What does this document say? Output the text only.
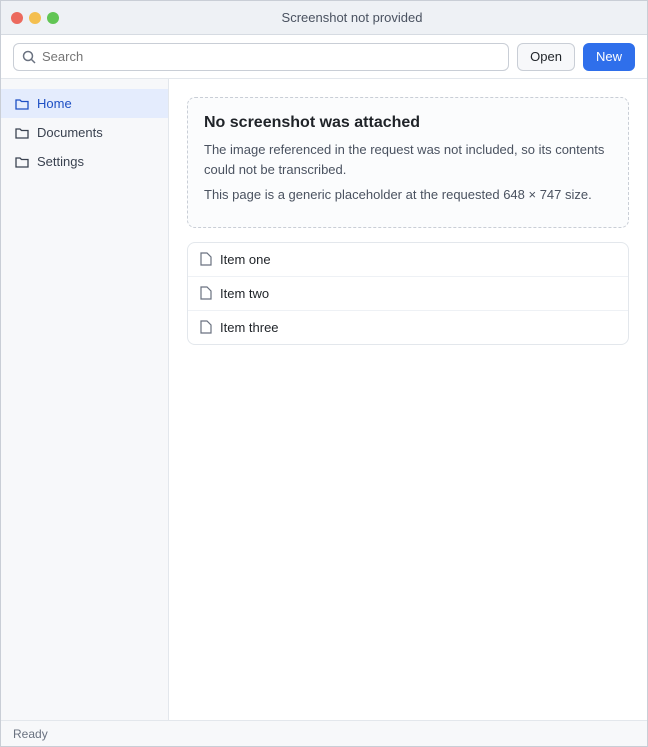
Screenshot not provided
Search
Open	New
Home
Documents
Settings
No screenshot was attached

The image referenced in the request was not included, so its contents could not be transcribed.

This page is a generic placeholder at the requested 648 × 747 size.

Item one
Item two
Item three
Ready
